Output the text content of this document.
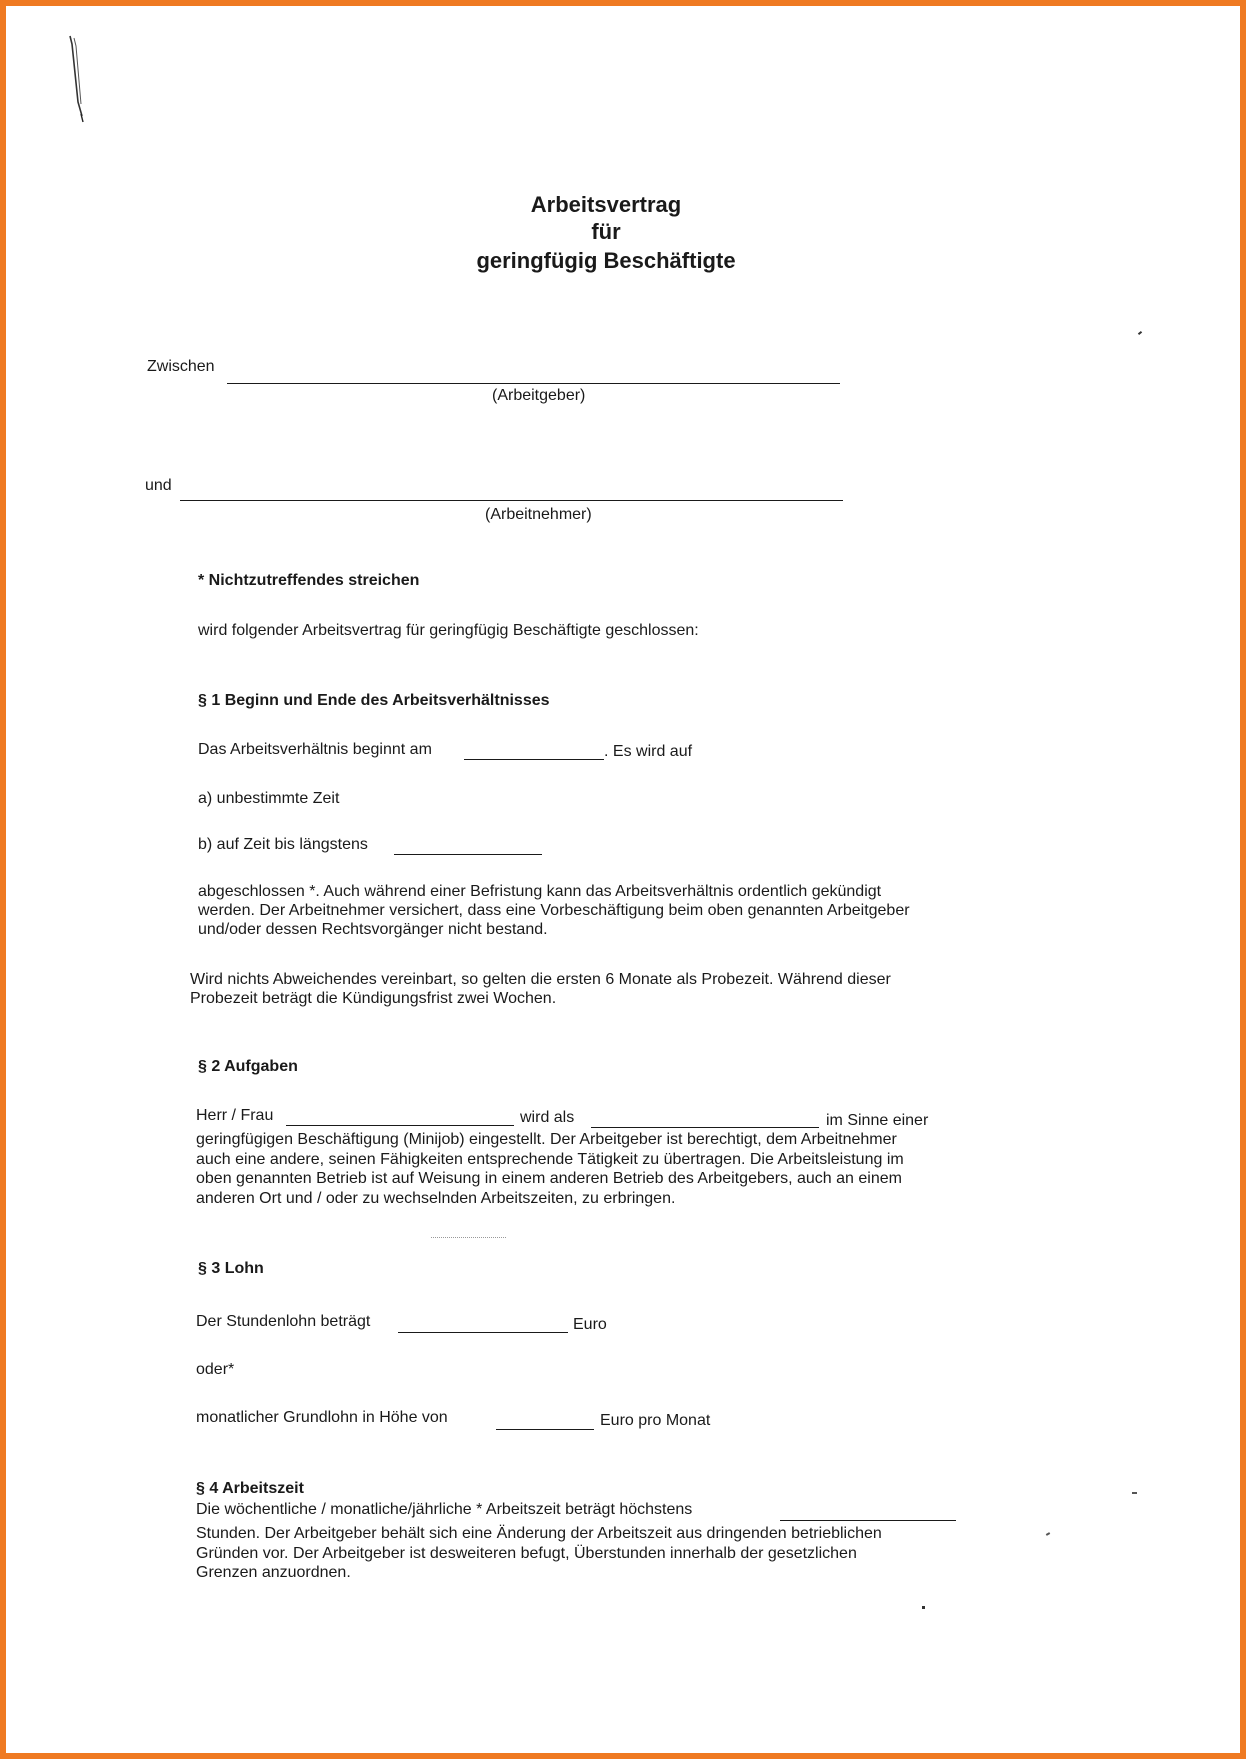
Arbeitsvertrag
für
geringfügig Beschäftigte
Zwischen
(Arbeitgeber)
und
(Arbeitnehmer)
* Nichtzutreffendes streichen
wird folgender Arbeitsvertrag für geringfügig Beschäftigte geschlossen:
§ 1 Beginn und Ende des Arbeitsverhältnisses
Das Arbeitsverhältnis beginnt am	. Es wird auf
a) unbestimmte Zeit
b) auf Zeit bis längstens
abgeschlossen *. Auch während einer Befristung kann das Arbeitsverhältnis ordentlich gekündigt
werden. Der Arbeitnehmer versichert, dass eine Vorbeschäftigung beim oben genannten Arbeitgeber
und/oder dessen Rechtsvorgänger nicht bestand.
Wird nichts Abweichendes vereinbart, so gelten die ersten 6 Monate als Probezeit. Während dieser
Probezeit beträgt die Kündigungsfrist zwei Wochen.
§ 2 Aufgaben
Herr / Frau	wird als	im Sinne einer
geringfügigen Beschäftigung (Minijob) eingestellt. Der Arbeitgeber ist berechtigt, dem Arbeitnehmer
auch eine andere, seinen Fähigkeiten entsprechende Tätigkeit zu übertragen. Die Arbeitsleistung im
oben genannten Betrieb ist auf Weisung in einem anderen Betrieb des Arbeitgebers, auch an einem
anderen Ort und / oder zu wechselnden Arbeitszeiten, zu erbringen.
§ 3 Lohn
Der Stundenlohn beträgt	Euro
oder*
monatlicher Grundlohn in Höhe von	Euro pro Monat
§ 4 Arbeitszeit
Die wöchentliche / monatliche/jährliche * Arbeitszeit beträgt höchstens
Stunden. Der Arbeitgeber behält sich eine Änderung der Arbeitszeit aus dringenden betrieblichen
Gründen vor. Der Arbeitgeber ist desweiteren befugt, Überstunden innerhalb der gesetzlichen
Grenzen anzuordnen.
